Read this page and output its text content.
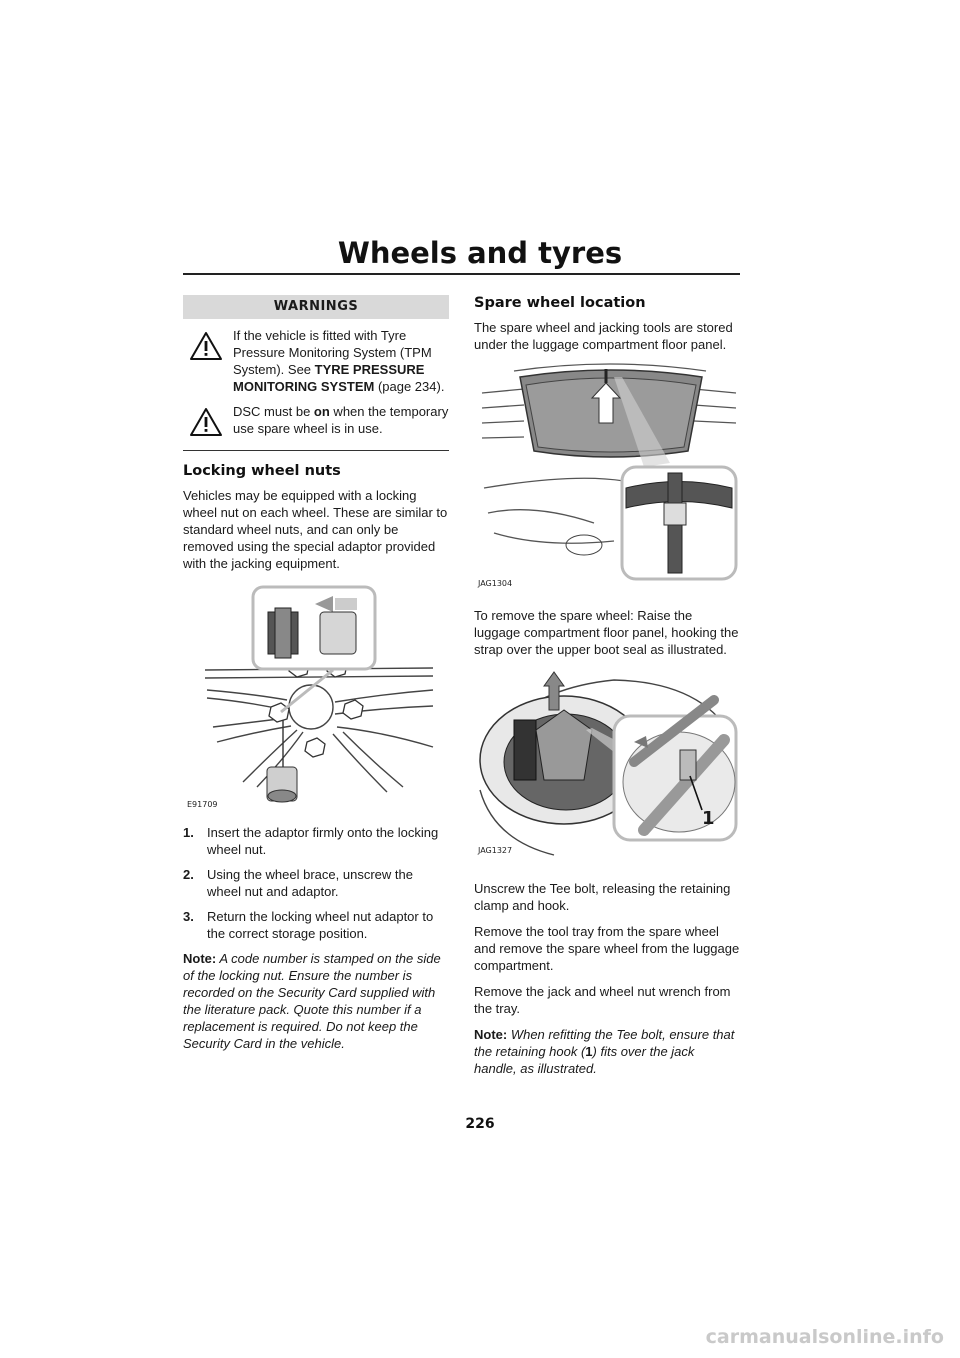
Wheels and tyres
WARNINGS
If the vehicle is fitted with Tyre Pressure Monitoring System (TPM System). See TYRE PRESSURE MONITORING SYSTEM (page 234).
DSC must be on when the temporary use spare wheel is in use.
Locking wheel nuts

Vehicles may be equipped with a locking wheel nut on each wheel. These are similar to standard wheel nuts, and can only be removed using the special adaptor provided with the jacking equipment.

E91709
1.	Insert the adaptor firmly onto the locking wheel nut.
2.	Using the wheel brace, unscrew the wheel nut and adaptor.
3.	Return the locking wheel nut adaptor to the correct storage position.

Note: A code number is stamped on the side of the locking nut. Ensure the number is recorded on the Security Card supplied with the literature pack. Quote this number if a replacement is required. Do not keep the Security Card in the vehicle.

Spare wheel location

The spare wheel and jacking tools are stored under the luggage compartment floor panel.

JAG1304

To remove the spare wheel: Raise the luggage compartment floor panel, hooking the strap over the upper boot seal as illustrated.

1
JAG1327

Unscrew the Tee bolt, releasing the retaining clamp and hook.

Remove the tool tray from the spare wheel and remove the spare wheel from the luggage compartment.

Remove the jack and wheel nut wrench from the tray.

Note: When refitting the Tee bolt, ensure that the retaining hook (1) fits over the jack handle, as illustrated.

226
carmanualsonline.info
